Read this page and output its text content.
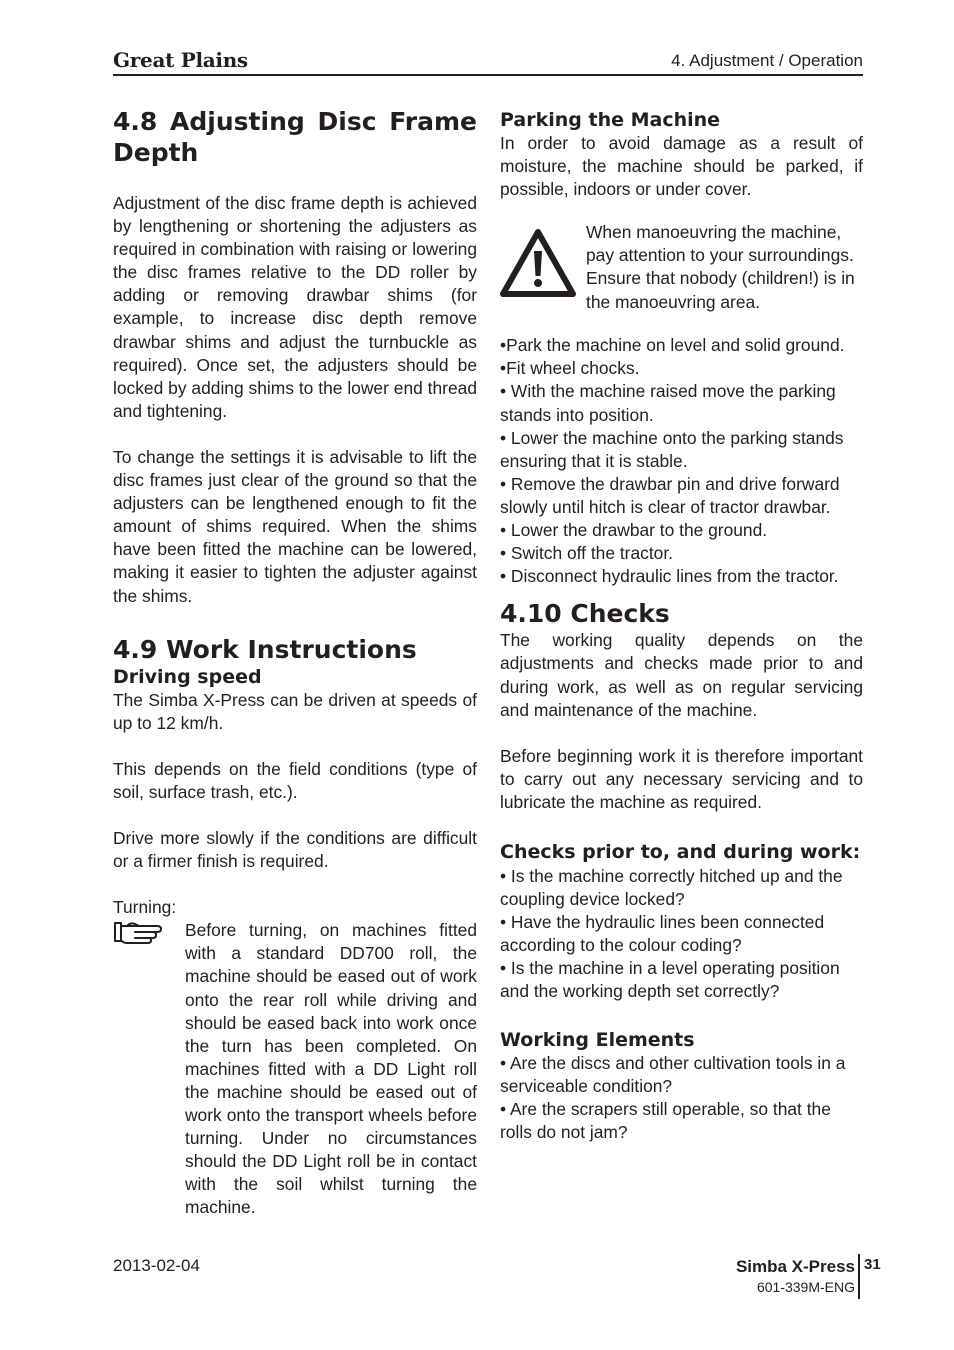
Great Plains	4. Adjustment / Operation
4.8 Adjusting Disc Frame Depth

Adjustment of the disc frame depth is achieved by lengthening or shortening the adjusters as required in combination with raising or lowering the disc frames relative to the DD roller by adding or removing drawbar shims (for example, to increase disc depth remove drawbar shims and adjust the turnbuckle as required). Once set, the adjusters should be locked by adding shims to the lower end thread and tightening.

To change the settings it is advisable to lift the disc frames just clear of the ground so that the adjusters can be lengthened enough to fit the amount of shims required. When the shims have been fitted the machine can be lowered, making it easier to tighten the adjuster against the shims.

4.9 Work Instructions
Driving speed

The Simba X-Press can be driven at speeds of up to 12 km/h.

This depends on the field conditions (type of soil, surface trash, etc.).

Drive more slowly if the conditions are difficult or a firmer finish is required.

Turning:

Before turning, on machines fitted with a standard DD700 roll, the machine should be eased out of work onto the rear roll while driving and should be eased back into work once the turn has been completed. On machines fitted with a DD Light roll the machine should be eased out of work onto the transport wheels before turning. Under no circumstances should the DD Light roll be in contact with the soil whilst turning the machine.

Parking the Machine

In order to avoid damage as a result of moisture, the machine should be parked, if possible, indoors or under cover.

When manoeuvring the machine, pay attention to your surroundings. Ensure that nobody (children!) is in the manoeuvring area.

•Park the machine on level and solid ground.

•Fit wheel chocks.

• With the machine raised move the parking stands into position.

• Lower the machine onto the parking stands ensuring that it is stable.

• Remove the drawbar pin and drive forward slowly until hitch is clear of tractor drawbar.

• Lower the drawbar to the ground.

• Switch off the tractor.

• Disconnect hydraulic lines from the tractor.

4.10 Checks

The working quality depends on the adjustments and checks made prior to and during work, as well as on regular servicing and maintenance of the machine.

Before beginning work it is therefore important to carry out any necessary servicing and to lubricate the machine as required.

Checks prior to, and during work:

• Is the machine correctly hitched up and the coupling device locked?

• Have the hydraulic lines been connected according to the colour coding?

• Is the machine in a level operating position and the working depth set correctly?

Working Elements

• Are the discs and other cultivation tools in a serviceable condition?

• Are the scrapers still operable, so that the rolls do not jam?

2013-02-04	Simba X-Press
601-339M-ENG
31
